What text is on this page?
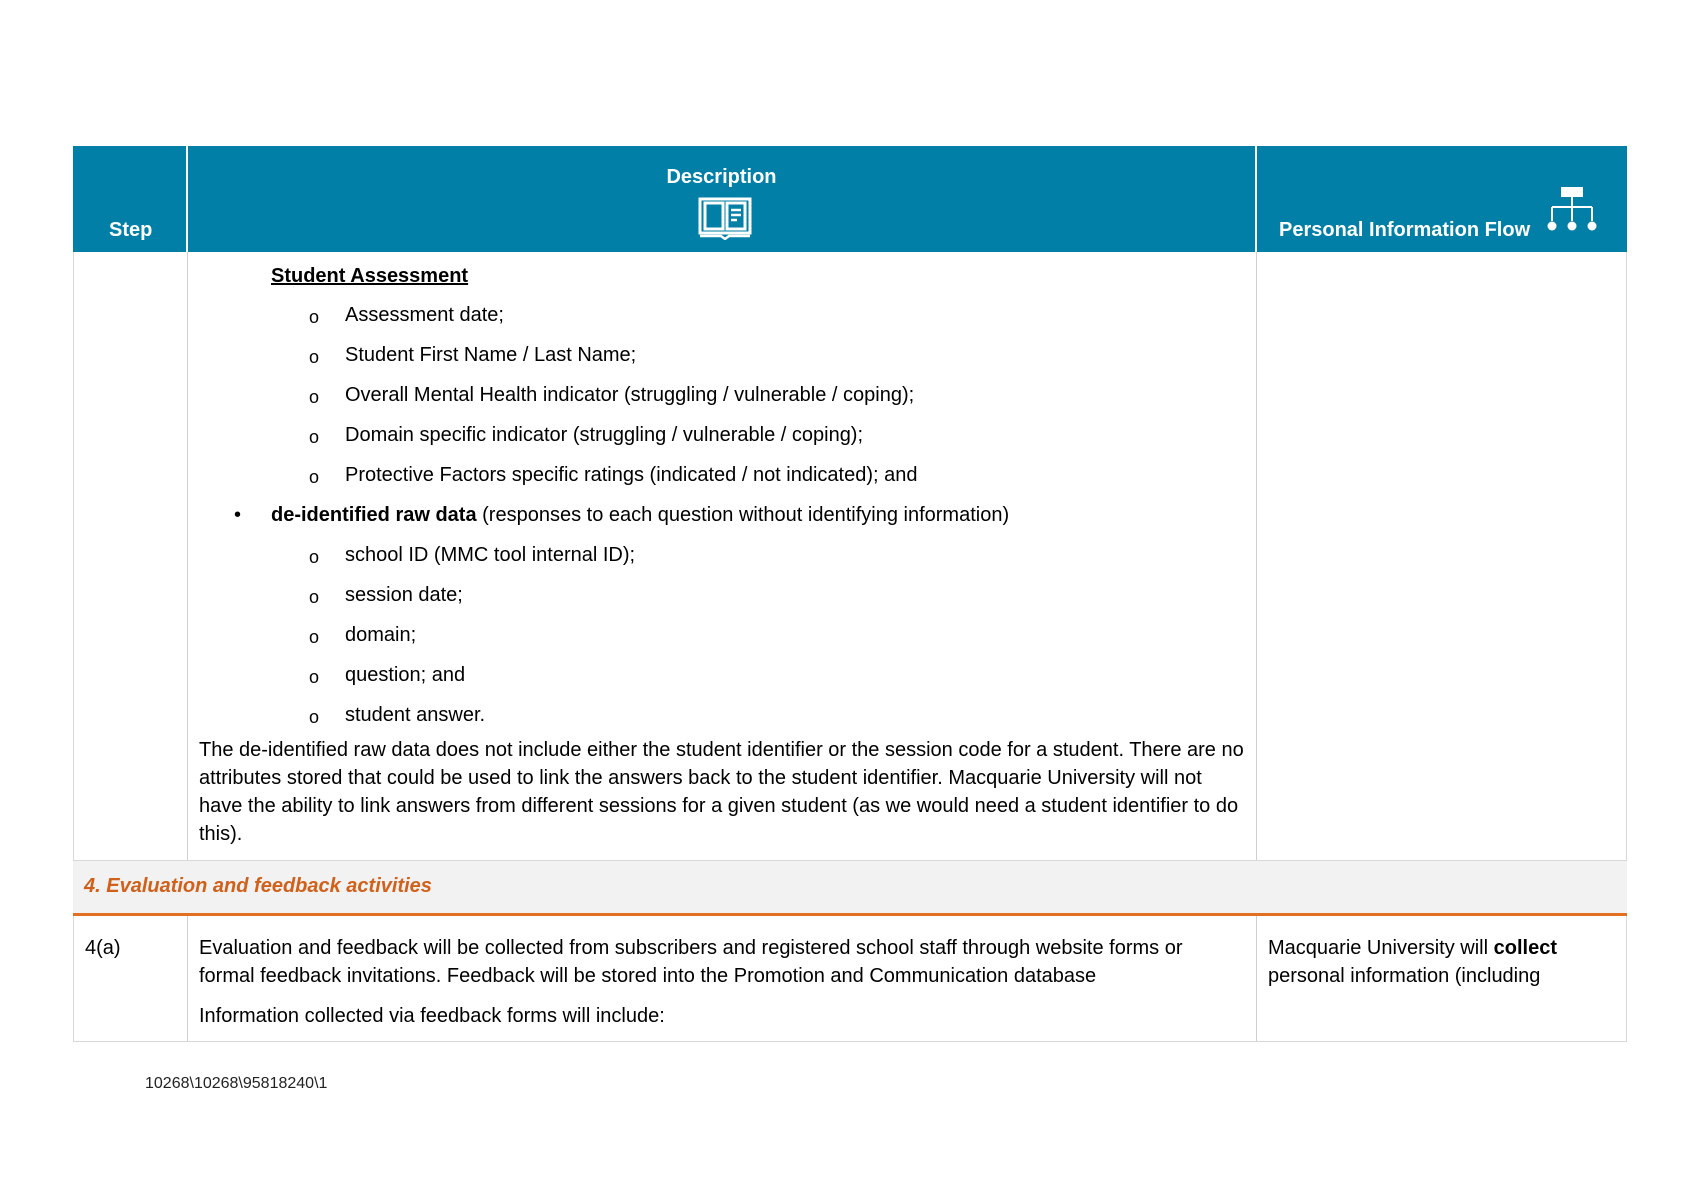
Step
Description
Personal Information Flow
Student Assessment
o Assessment date;
o Student First Name / Last Name;
o Overall Mental Health indicator (struggling / vulnerable / coping);
o Domain specific indicator (struggling / vulnerable / coping);
o Protective Factors specific ratings (indicated / not indicated); and
• de-identified raw data (responses to each question without identifying information)
o school ID (MMC tool internal ID);
o session date;
o domain;
o question; and
o student answer.
The de-identified raw data does not include either the student identifier or the session code for a student. There are no attributes stored that could be used to link the answers back to the student identifier. Macquarie University will not have the ability to link answers from different sessions for a given student (as we would need a student identifier to do this).
4. Evaluation and feedback activities
4(a)	Evaluation and feedback will be collected from subscribers and registered school staff through website forms or formal feedback invitations. Feedback will be stored into the Promotion and Communication database
Information collected via feedback forms will include:
Macquarie University will collect personal information (including
10268\10268\95818240\1
